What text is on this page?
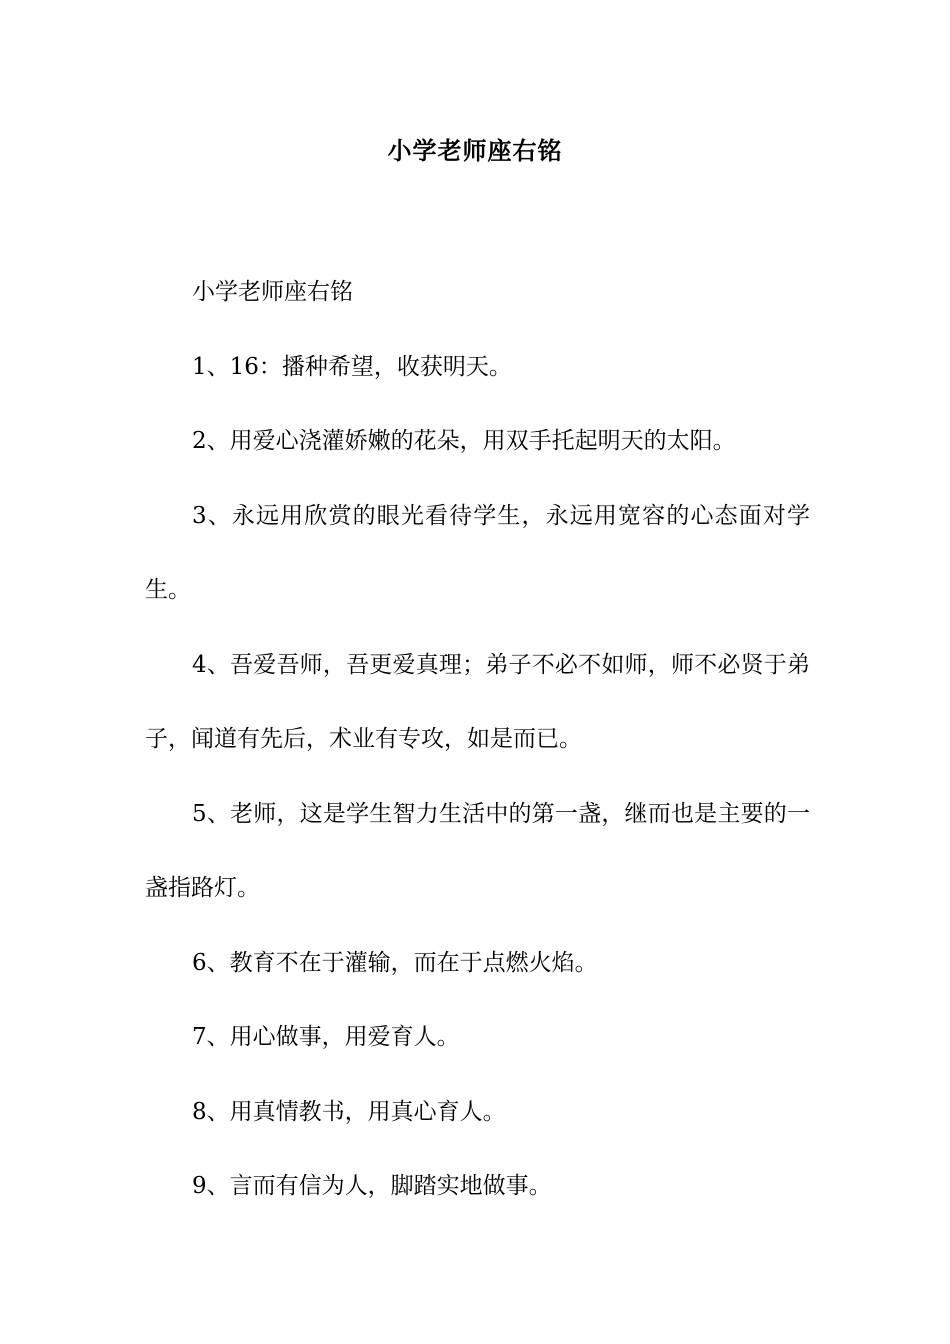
小学老师座右铭

小学老师座右铭

1、16：播种希望，收获明天。

2、用爱心浇灌娇嫩的花朵，用双手托起明天的太阳。

3、永远用欣赏的眼光看待学生，永远用宽容的心态面对学生。

4、吾爱吾师，吾更爱真理；弟子不必不如师，师不必贤于弟子，闻道有先后，术业有专攻，如是而已。

5、老师，这是学生智力生活中的第一盏，继而也是主要的一盏指路灯。

6、教育不在于灌输，而在于点燃火焰。

7、用心做事，用爱育人。

8、用真情教书，用真心育人。

9、言而有信为人，脚踏实地做事。
